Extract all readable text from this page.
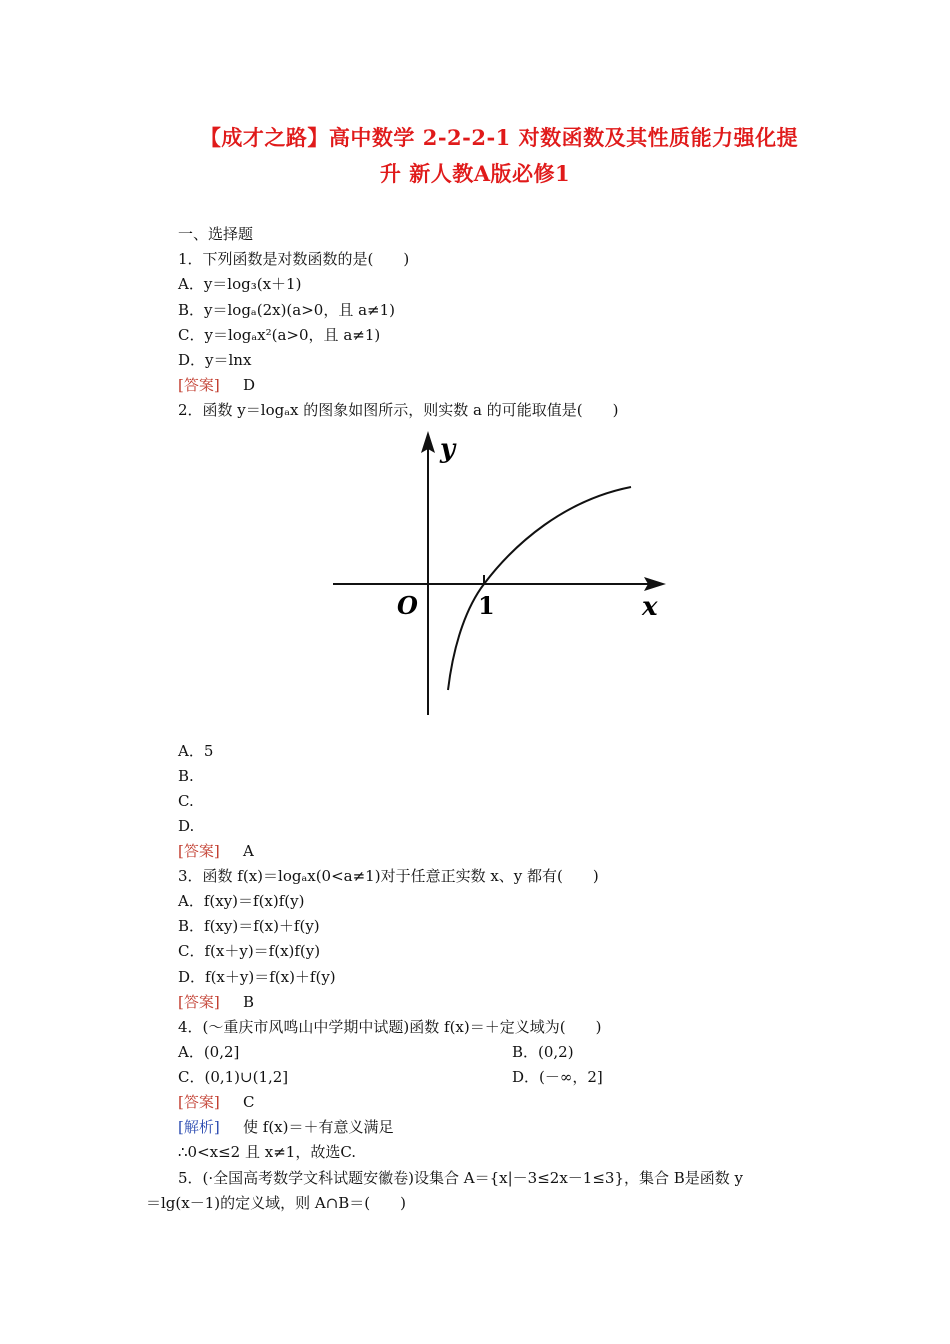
【成才之路】高中数学 2-2-2-1 对数函数及其性质能力强化提
升 新人教A版必修1
一、选择题
1．下列函数是对数函数的是(　　)
A．y＝log₃(x＋1)
B．y＝logₐ(2x)(a>0，且 a≠1)
C．y＝logₐx²(a>0，且 a≠1)
D．y＝lnx
[答案] D
2．函数 y＝logₐx 的图象如图所示，则实数 a 的可能取值是(　　)
y
x
O	1
A．5
B.
C.
D.
[答案] A
3．函数 f(x)＝logₐx(0<a≠1)对于任意正实数 x、y 都有(　　)
A．f(xy)＝f(x)f(y)
B．f(xy)＝f(x)＋f(y)
C．f(x＋y)＝f(x)f(y)
D．f(x＋y)＝f(x)＋f(y)
[答案] B
4．(～重庆市风鸣山中学期中试题)函数 f(x)＝＋定义域为(　　)
A．(0,2]	B．(0,2)
C．(0,1)∪(1,2]	D．(－∞，2]
[答案] C
[解析] 使 f(x)＝＋有意义满足
∴0<x≤2 且 x≠1，故选C.
5．(·全国高考数学文科试题安徽卷)设集合 A＝{x|－3≤2x－1≤3}，集合 B是函数 y
＝lg(x－1)的定义域，则 A∩B＝(　　)
